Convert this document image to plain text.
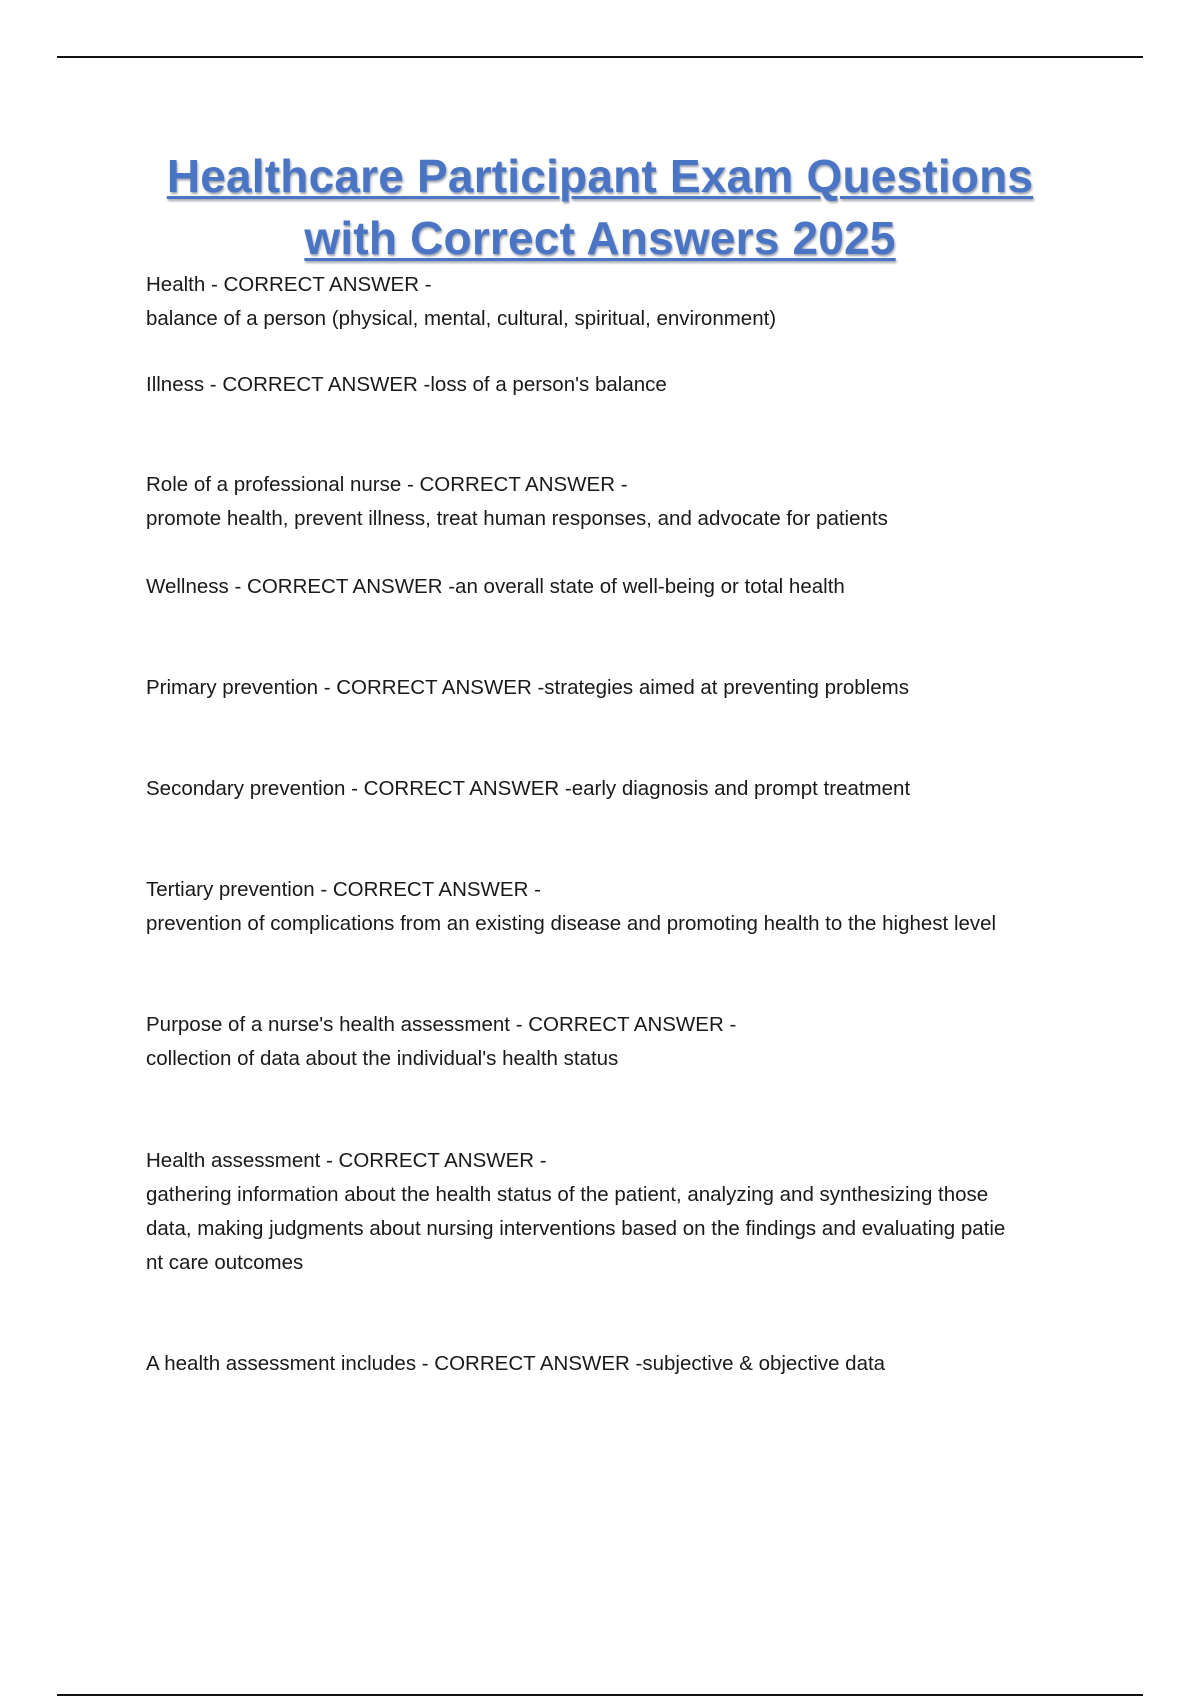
Healthcare Participant Exam Questions
with Correct Answers 2025
Health - CORRECT ANSWER -
balance of a person (physical, mental, cultural, spiritual, environment)
Illness - CORRECT ANSWER -loss of a person's balance
Role of a professional nurse - CORRECT ANSWER -
promote health, prevent illness, treat human responses, and advocate for patients
Wellness - CORRECT ANSWER -an overall state of well-being or total health
Primary prevention - CORRECT ANSWER -strategies aimed at preventing problems
Secondary prevention - CORRECT ANSWER -early diagnosis and prompt treatment
Tertiary prevention - CORRECT ANSWER -
prevention of complications from an existing disease and promoting health to the highest level
Purpose of a nurse's health assessment - CORRECT ANSWER -
collection of data about the individual's health status
Health assessment - CORRECT ANSWER -
gathering information about the health status of the patient, analyzing and synthesizing those
data, making judgments about nursing interventions based on the findings and evaluating patie
nt care outcomes
A health assessment includes - CORRECT ANSWER -subjective & objective data
